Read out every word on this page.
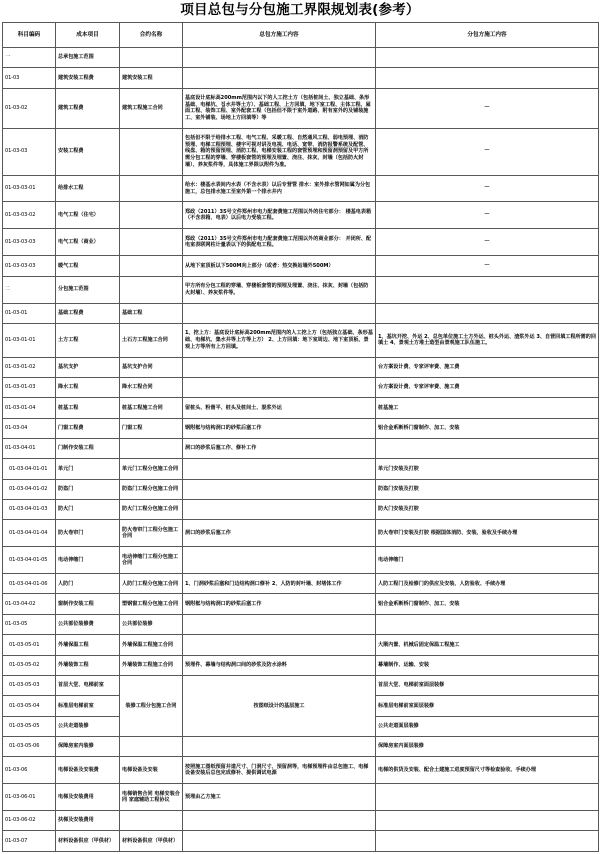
项目总包与分包施工界限规划表(参考）
科目编码	成本项目	合约名称	总包方施工内容	分包方施工内容
一	总承包施工范围			
01-03	建筑安装工程费	建筑安装工程		
01-03-02	建筑工程费	建筑工程施工合同	基底设计底标高200mm范围内以下的人工挖土方（包括桩间土、独立基础、条形基础、电梯坑、집水井等土方）、基础工程、上方回填、地下室工程、主体工程、屋面工程、装饰工程、室外配套工程（包括但不限于室外道路、附有室外的及铺装施工、室外铺装、场地上方回填等）等	－
01-03-03	安装工程费		包括但不限于给排水工程、电气工程、采暖工程、自然通风工程、弱电预埋、消防预埋、电梯工程预埋、楼宇可视对讲及电视、电话、宽带、消防报警系统及配管、线盘、箱的预留预埋、消防工程、电梯安装工程的套管预埋和预留洞预留及甲方所需分包工程的穿墙、穿楼板套管的预埋及埋置、浇注、抹灰、封墙（包括防火封墙）、养灰浆件等，具体施工界限以附件为准。	－
01-03-03-01	给排水工程		给水：楼基水表间内水表（不含水表）以后专营管 排水：室外排水管网如属为分包施工，总包排水施工至室外第一个排水井内	－
01-03-03-02	电气工程（住宅）		郑政（2011）35号文件郑州市电力配套费施工范围以外的住宅部分： 楼基电表箱（不含表箱、电表）以后电力受装工程。	－
01-03-03-03	电气工程（商业）		郑政（2011）35号文件郑州市电力配套费施工范围以外的商业部分： 并闭所、配电室表联网柱计量表以下的供配电工程。	－
01-03-03-03	暖气工程		从地下室顶板以下500M向上部分（或者：热交换站墙外500M）	－
二	分包施工范围		甲方所有分包工程的穿墙、穿楼板套管的预埋及埋置、浇注、抹灰、封墙（包括防火封墙）、养灰浆件等。	
01-03-01	基础工程费	基础工程		
01-03-01-01	土方工程	土石方工程施工合同	1、挖上方：基底设计底标高200mm范围内的人工挖上方（包括独立基础、条形基础、电梯坑、集水井等上方等上方） 2、上方回填：地下室周边、地下室顶板、景观上方等所有上方回填。	1、基坑开挖、外运 2、总包单位施工土方外运、桩头外运、渣浆外运 3、自营回填工程所需的回填土 4、景观土方堆土造型由景观施工队伍施工。
01-03-01-02	基坑支护	基坑支护合同		台方案设计费、专家评审费、施工费
01-03-01-03	降水工程	降水工程合同		台方案设计费、专家评审费、施工费
01-03-01-04	桩基工程	桩基工程施工合同	留桩头、粉凿平、桩头及桩间土、混浆外运	桩基施工
01-03-04	门窗工程费	门窗工程	钢附框与结构洞口的砂浆后塞工作	铝合金系断桥门窗制作、加工、安装
01-03-04-01	门制作安装工程		洞口的砂浆后塞工作、修补工作	
01-03-04-01-01	单元门	单元门工程分包施工合同		单元门安装及打胶
01-03-04-01-02	防盗门	防盗门工程分包施工合同		防盗门安装及打胶
01-03-04-01-03	防火门	防火门工程分包施工合同		防火门安装及打胶
01-03-04-01-04	防火卷帘门	防火卷帘门工程分包施工合同	洞口的砂浆后塞工作	防火卷帘门安装及打胶 根据国体消防、安装、验收及手续办理
01-03-04-01-05	电动伸缩门	电动伸缩门工程分包施工合同		电动伸缩门
01-03-04-01-06	人防门	人防门工程分包施工合同	1、门洞砂浆后塞和门边结构洞口修补 2、人防的封叶墙、封堵体工作	人防工程门及检修门的供应及安装、人防验收、手续办理
01-03-04-02	窗制作安装工程	塑钢窗工程分包施工合同	钢附框与结构洞口的砂浆后塞工作	铝合金系断桥门窗制作、加工、安装
01-03-05	公共部位装修费	公共部位装修		
01-03-05-01	外墙保温工程	外墙保温工程施工合同		大顺内置、机械后固定保温工程施工
01-03-05-02	外墙装饰工程	外墙装饰工程施工合同	预埋件、幕墙与结构洞口间的砂浆及防水涂料	幕墙制作、运输、安装
01-03-05-03	首层大堂、电梯前室	装修工程分包施工合同	按图纸设计的基层施工	首层大堂、电梯前室面层装修
01-03-05-04	标准层电梯前室			标准层电梯前室面层装修
01-03-05-05	公共走道装修			公共走道面层装修
01-03-05-06	保障房室内装修			保障房室内面层装修
01-03-06	电梯设备及安装费	电梯设备及安装	按照施工图纸预留井道尺寸、门洞尺寸、预留洞等，电梯预埋件由总包施工、电梯设备安装后总包完成修补、提供调试电源	电梯的供货及安装、配合土建施工进度预留尺寸等检查验收、手续办理
01-03-06-01	电梯及安装费用	电梯销售合同 电梯安装合同 家庭辅助工程协议	预埋由乙方施工	
01-03-06-02	扶梯及安装费用			
01-03-07	材料设备供应（甲供材）	材料设备供应（甲供材）		
